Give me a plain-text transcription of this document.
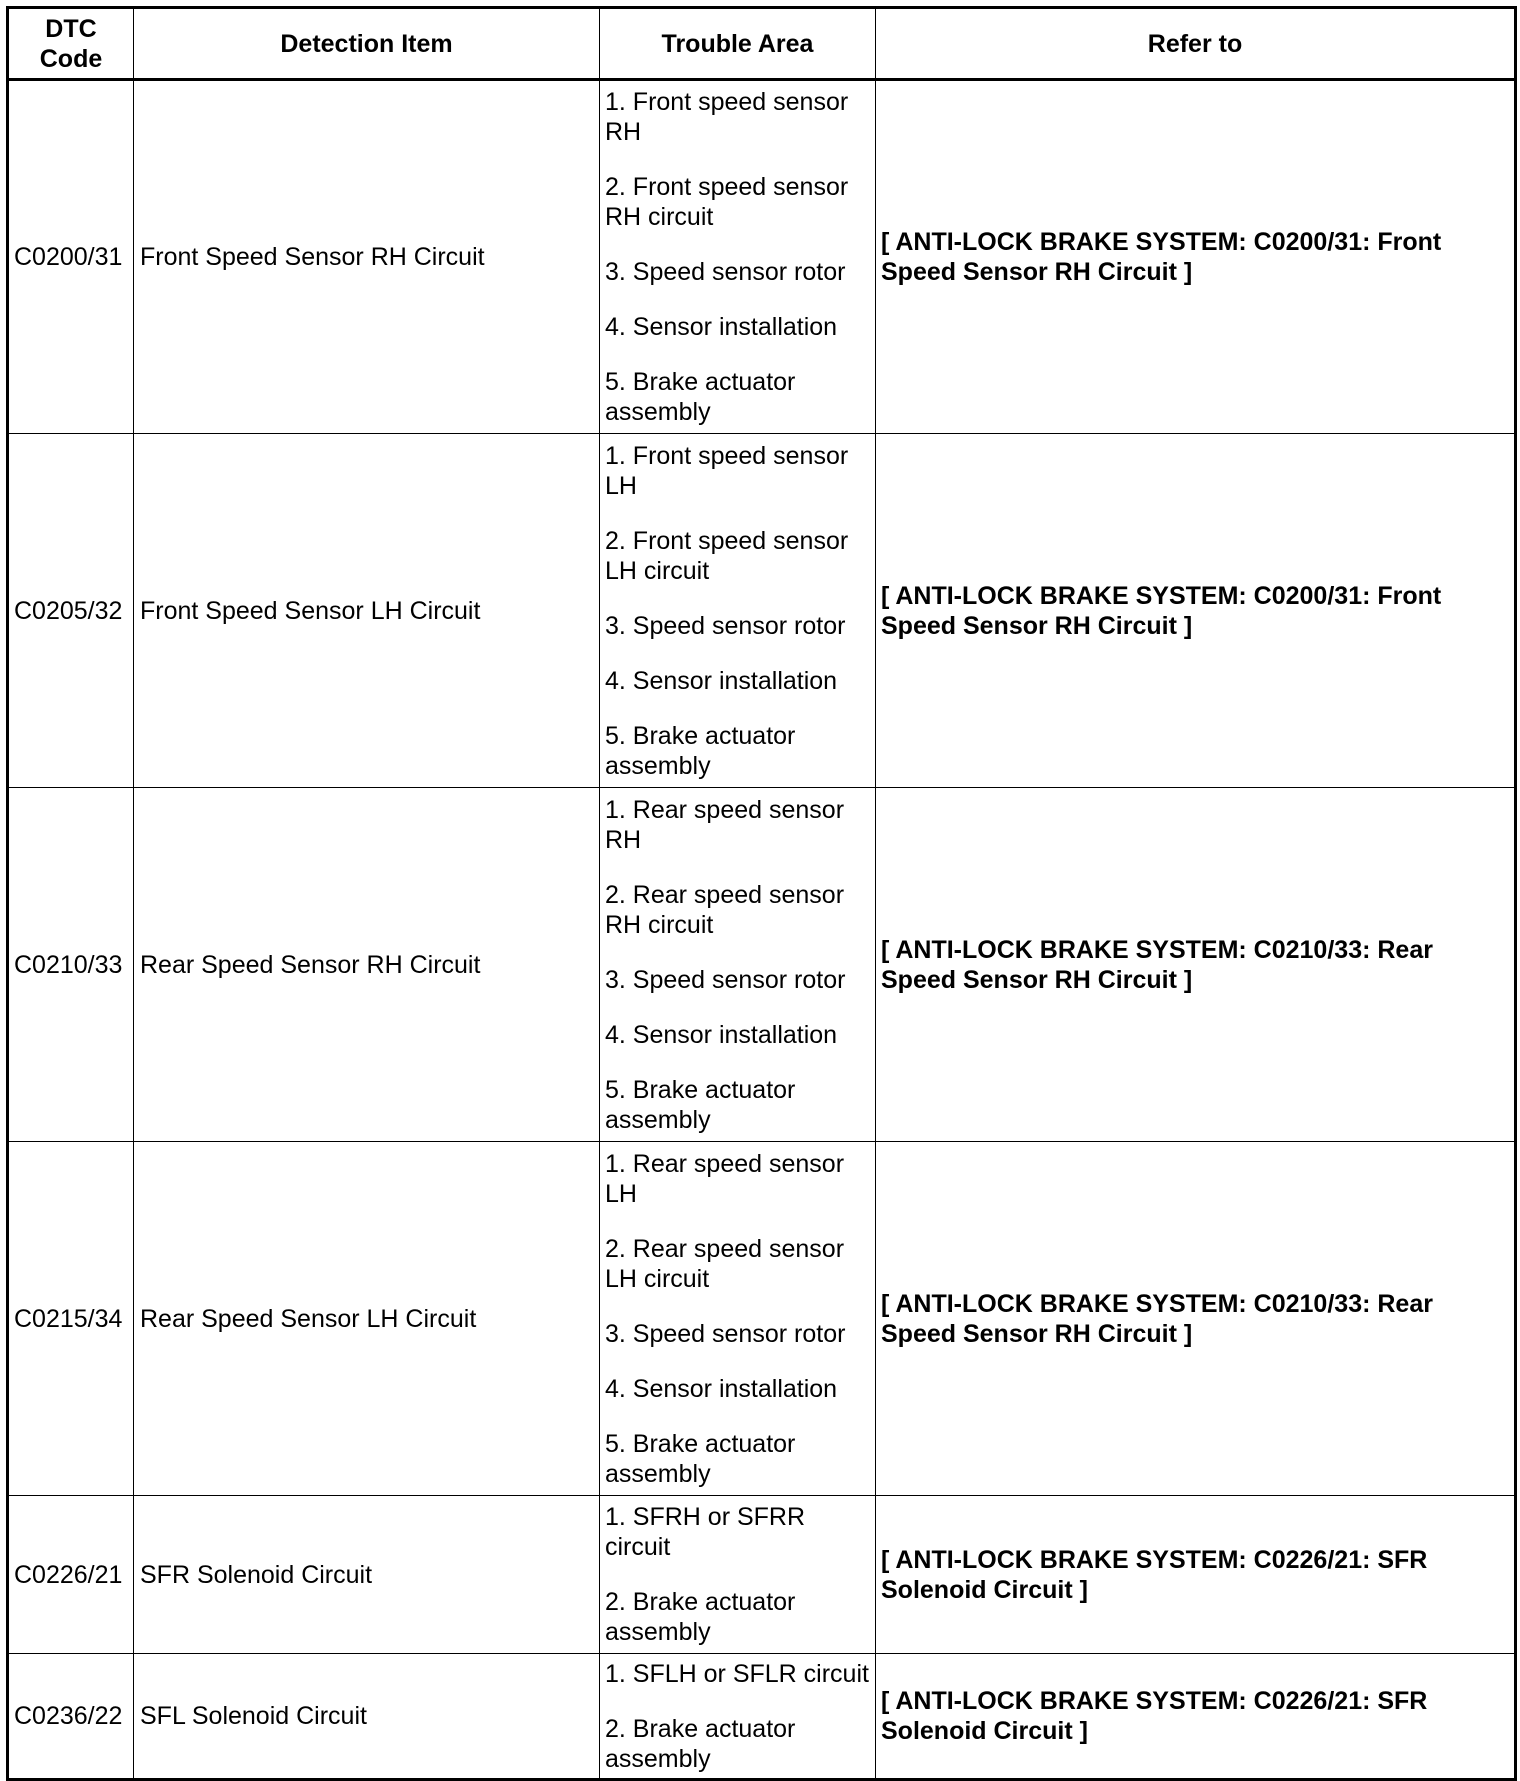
DTC
Code	Detection Item	Trouble Area	Refer to
C0200/31	Front Speed Sensor RH Circuit	1. Front speed sensor RH

2. Front speed sensor RH circuit

3. Speed sensor rotor

4. Sensor installation

5. Brake actuator assembly	[ ANTI-LOCK BRAKE SYSTEM: C0200/31: Front Speed Sensor RH Circuit ]
C0205/32	Front Speed Sensor LH Circuit	1. Front speed sensor LH

2. Front speed sensor LH circuit

3. Speed sensor rotor

4. Sensor installation

5. Brake actuator assembly	[ ANTI-LOCK BRAKE SYSTEM: C0200/31: Front Speed Sensor RH Circuit ]
C0210/33	Rear Speed Sensor RH Circuit	1. Rear speed sensor RH

2. Rear speed sensor RH circuit

3. Speed sensor rotor

4. Sensor installation

5. Brake actuator assembly	[ ANTI-LOCK BRAKE SYSTEM: C0210/33: Rear Speed Sensor RH Circuit ]
C0215/34	Rear Speed Sensor LH Circuit	1. Rear speed sensor LH

2. Rear speed sensor LH circuit

3. Speed sensor rotor

4. Sensor installation

5. Brake actuator assembly	[ ANTI-LOCK BRAKE SYSTEM: C0210/33: Rear Speed Sensor RH Circuit ]
C0226/21	SFR Solenoid Circuit	1. SFRH or SFRR circuit

2. Brake actuator assembly	[ ANTI-LOCK BRAKE SYSTEM: C0226/21: SFR Solenoid Circuit ]
C0236/22	SFL Solenoid Circuit	1. SFLH or SFLR circuit

2. Brake actuator assembly	[ ANTI-LOCK BRAKE SYSTEM: C0226/21: SFR Solenoid Circuit ]
